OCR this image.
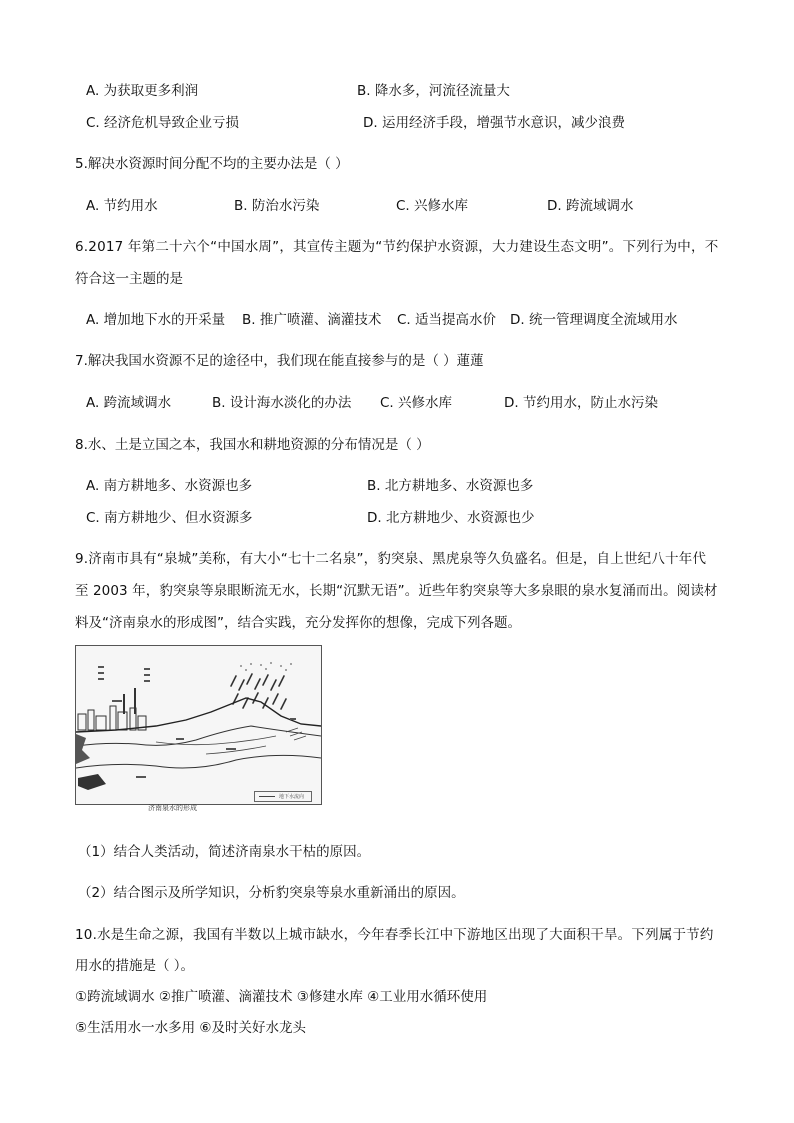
A. 为获取更多利润	B. 降水多，河流径流量大
C. 经济危机导致企业亏损	D. 运用经济手段，增强节水意识，减少浪费
5.解决水资源时间分配不均的主要办法是（ ）
A. 节约用水	B. 防治水污染	C. 兴修水库	D. 跨流域调水
6.2017 年第二十六个“中国水周”，其宣传主题为“节约保护水资源，大力建设生态文明”。下列行为中，不
符合这一主题的是
A. 增加地下水的开采量 B. 推广喷灌、滴灌技术 C. 适当提高水价 D. 统一管理调度全流域用水
7.解决我国水资源不足的途径中，我们现在能直接参与的是（ ）蓮蓮
A. 跨流域调水	B. 设计海水淡化的办法 C. 兴修水库	D. 节约用水，防止水污染
8.水、土是立国之本，我国水和耕地资源的分布情况是（ ）
A. 南方耕地多、水资源也多	B. 北方耕地多、水资源也多
C. 南方耕地少、但水资源多	D. 北方耕地少、水资源也少
9.济南市具有“泉城”美称，有大小“七十二名泉”，豹突泉、黑虎泉等久负盛名。但是，自上世纪八十年代
至 2003 年，豹突泉等泉眼断流无水，长期“沉默无语”。近些年豹突泉等大多泉眼的泉水复涌而出。阅读材
料及“济南泉水的形成图”，结合实践，充分发挥你的想像，完成下列各题。
济南泉水的形成
地下水流向
（1）结合人类活动，简述济南泉水干枯的原因。
（2）结合图示及所学知识，分析豹突泉等泉水重新涌出的原因。
10.水是生命之源，我国有半数以上城市缺水，今年春季长江中下游地区出现了大面积干旱。下列属于节约
用水的措施是（ ）。
①跨流域调水 ②推广喷灌、滴灌技术 ③修建水库 ④工业用水循环使用
⑤生活用水一水多用 ⑥及时关好水龙头
